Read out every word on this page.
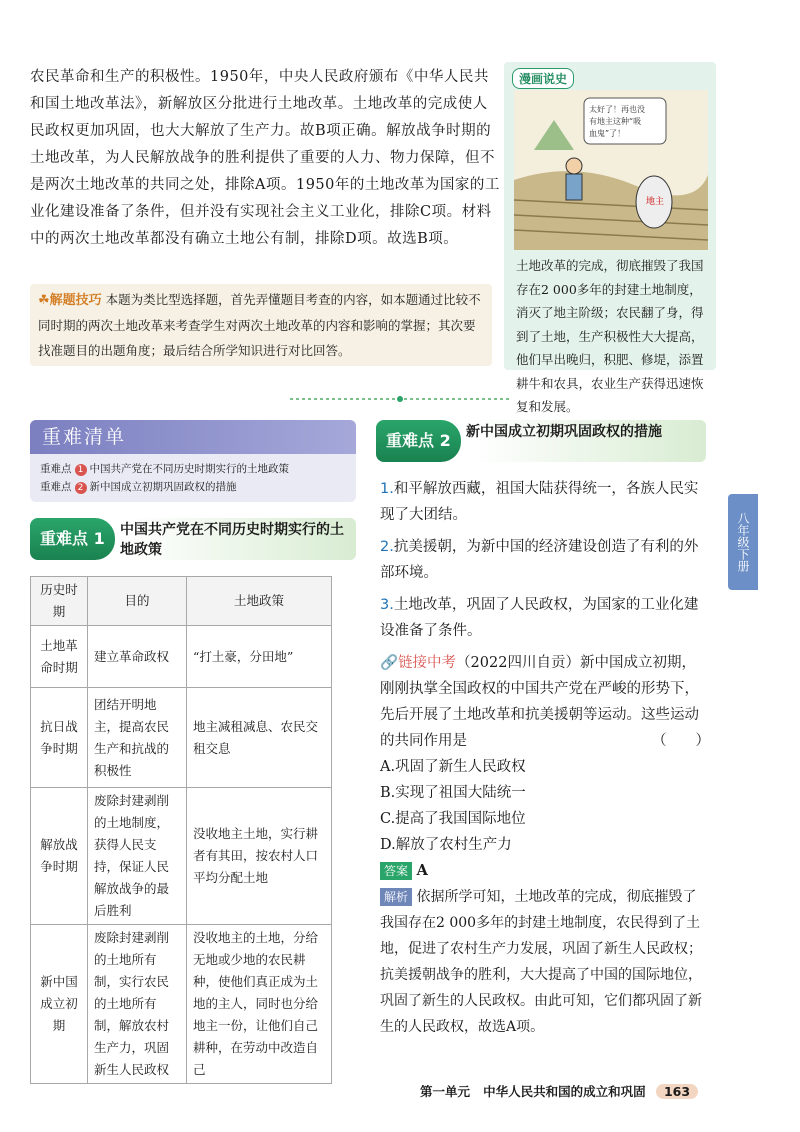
农民革命和生产的积极性。1950年，中央人民政府颁布《中华人民共和国土地改革法》，新解放区分批进行土地改革。土地改革的完成使人民政权更加巩固，也大大解放了生产力。故B项正确。解放战争时期的土地改革，为人民解放战争的胜利提供了重要的人力、物力保障，但不是两次土地改革的共同之处，排除A项。1950年的土地改革为国家的工业化建设准备了条件，但并没有实现社会主义工业化，排除C项。材料中的两次土地改革都没有确立土地公有制，排除D项。故选B项。
☘解题技巧 本题为类比型选择题，首先弄懂题目考查的内容，如本题通过比较不同时期的两次土地改革来考查学生对两次土地改革的内容和影响的掌握；其次要找准题目的出题角度；最后结合所学知识进行对比回答。
漫画说史
太好了！再也没
有地主这种“吸
血鬼”了！
地主
土地改革的完成，彻底摧毁了我国存在2 000多年的封建土地制度，消灭了地主阶级；农民翻了身，得到了土地，生产积极性大大提高，他们早出晚归，积肥、修堤，添置耕牛和农具，农业生产获得迅速恢复和发展。
重难清单
重难点 1 中国共产党在不同历史时期实行的土地政策
重难点 2 新中国成立初期巩固政权的措施
重难点 1	中国共产党在不同历史时期实行的土地政策
历史时期	目的	土地政策
土地革命时期	建立革命政权	“打土豪，分田地”
抗日战争时期	团结开明地主，提高农民生产和抗战的积极性	地主减租减息、农民交租交息
解放战争时期	废除封建剥削的土地制度，获得人民支持，保证人民解放战争的最后胜利	没收地主土地，实行耕者有其田，按农村人口平均分配土地
新中国成立初期	废除封建剥削的土地所有制，实行农民的土地所有制，解放农村生产力，巩固新生人民政权	没收地主的土地，分给无地或少地的农民耕种，使他们真正成为土地的主人，同时也分给地主一份，让他们自己耕种，在劳动中改造自己
重难点 2	新中国成立初期巩固政权的措施
1.和平解放西藏，祖国大陆获得统一，各族人民实现了大团结。
2.抗美援朝，为新中国的经济建设创造了有利的外部环境。
3.土地改革，巩固了人民政权，为国家的工业化建设准备了条件。
🔗链接中考（2022四川自贡）新中国成立初期，刚刚执掌全国政权的中国共产党在严峻的形势下，先后开展了土地改革和抗美援朝等运动。这些运动的共同作用是	（　　）
A.巩固了新生人民政权
B.实现了祖国大陆统一
C.提高了我国国际地位
D.解放了农村生产力
答案 A
解析 依据所学可知，土地改革的完成，彻底摧毁了我国存在2 000多年的封建土地制度，农民得到了土地，促进了农村生产力发展，巩固了新生人民政权；抗美援朝战争的胜利，大大提高了中国的国际地位，巩固了新生的人民政权。由此可知，它们都巩固了新生的人民政权，故选A项。
八年级下册
第一单元 中华人民共和国的成立和巩固 163
